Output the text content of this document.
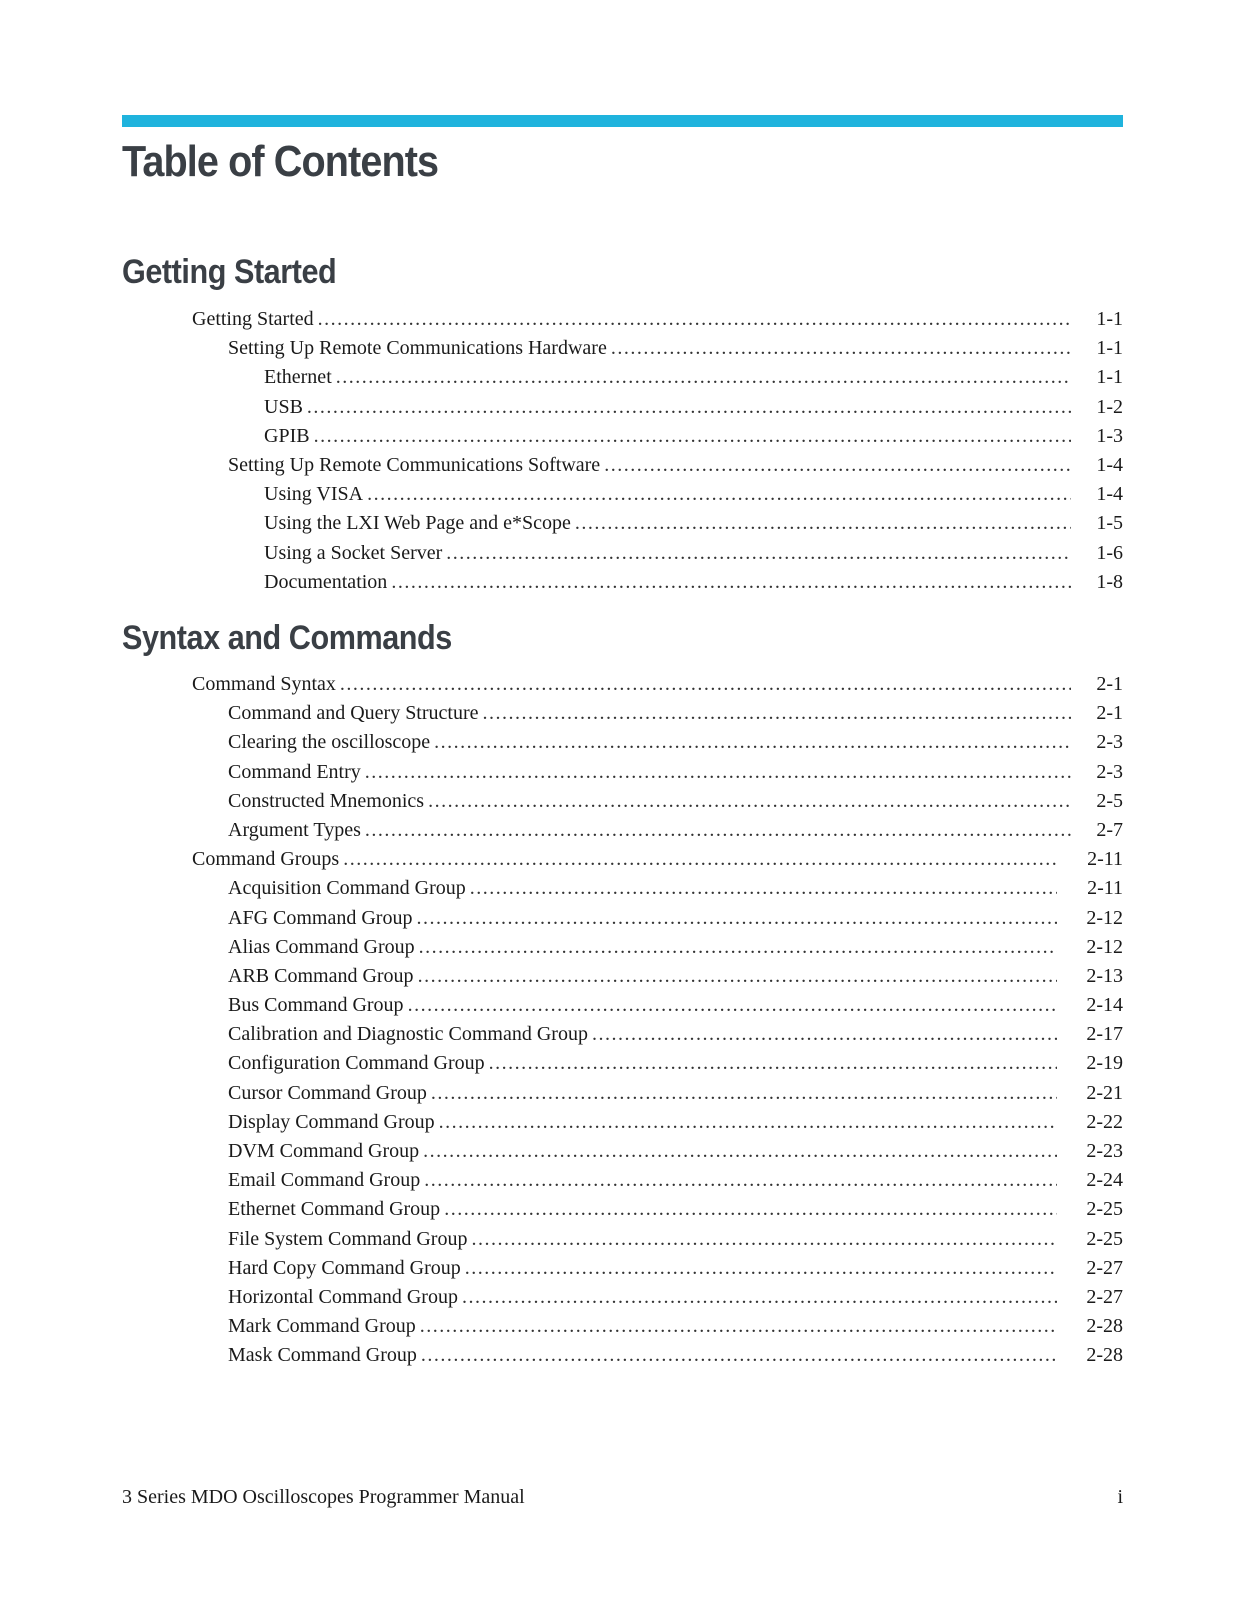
Table of Contents
Getting Started
Getting Started .....	1-1
Setting Up Remote Communications Hardware .....	1-1
Ethernet .....	1-1
USB .....	1-2
GPIB .....	1-3
Setting Up Remote Communications Software .....	1-4
Using VISA .....	1-4
Using the LXI Web Page and e*Scope .....	1-5
Using a Socket Server .....	1-6
Documentation .....	1-8
Syntax and Commands
Command Syntax .....	2-1
Command and Query Structure .....	2-1
Clearing the oscilloscope .....	2-3
Command Entry .....	2-3
Constructed Mnemonics .....	2-5
Argument Types .....	2-7
Command Groups .....	2-11
Acquisition Command Group .....	2-11
AFG Command Group .....	2-12
Alias Command Group .....	2-12
ARB Command Group .....	2-13
Bus Command Group .....	2-14
Calibration and Diagnostic Command Group .....	2-17
Configuration Command Group .....	2-19
Cursor Command Group .....	2-21
Display Command Group .....	2-22
DVM Command Group .....	2-23
Email Command Group .....	2-24
Ethernet Command Group .....	2-25
File System Command Group .....	2-25
Hard Copy Command Group .....	2-27
Horizontal Command Group .....	2-27
Mark Command Group .....	2-28
Mask Command Group .....	2-28
3 Series MDO Oscilloscopes Programmer Manual	i
